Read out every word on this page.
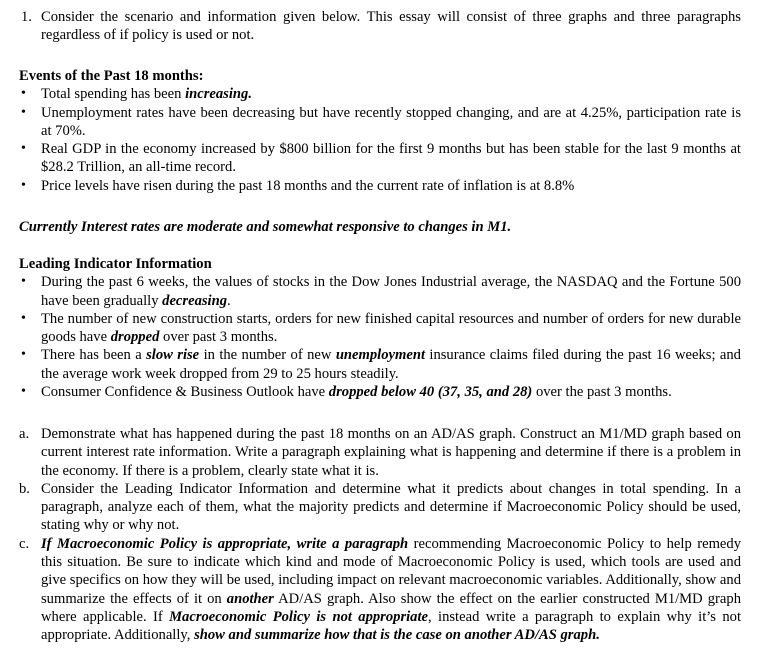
1. Consider the scenario and information given below. This essay will consist of three graphs and three paragraphs regardless of if policy is used or not.
Events of the Past 18 months:
• Total spending has been increasing.
• Unemployment rates have been decreasing but have recently stopped changing, and are at 4.25%, participation rate is at 70%.
• Real GDP in the economy increased by $800 billion for the first 9 months but has been stable for the last 9 months at $28.2 Trillion, an all-time record.
• Price levels have risen during the past 18 months and the current rate of inflation is at 8.8%
Currently Interest rates are moderate and somewhat responsive to changes in M1.
Leading Indicator Information
• During the past 6 weeks, the values of stocks in the Dow Jones Industrial average, the NASDAQ and the Fortune 500 have been gradually decreasing.
• The number of new construction starts, orders for new finished capital resources and number of orders for new durable goods have dropped over past 3 months.
• There has been a slow rise in the number of new unemployment insurance claims filed during the past 16 weeks; and the average work week dropped from 29 to 25 hours steadily.
• Consumer Confidence & Business Outlook have dropped below 40 (37, 35, and 28) over the past 3 months.
a. Demonstrate what has happened during the past 18 months on an AD/AS graph. Construct an M1/MD graph based on current interest rate information. Write a paragraph explaining what is happening and determine if there is a problem in the economy. If there is a problem, clearly state what it is.
b. Consider the Leading Indicator Information and determine what it predicts about changes in total spending. In a paragraph, analyze each of them, what the majority predicts and determine if Macroeconomic Policy should be used, stating why or why not.
c. If Macroeconomic Policy is appropriate, write a paragraph recommending Macroeconomic Policy to help remedy this situation. Be sure to indicate which kind and mode of Macroeconomic Policy is used, which tools are used and give specifics on how they will be used, including impact on relevant macroeconomic variables. Additionally, show and summarize the effects of it on another AD/AS graph. Also show the effect on the earlier constructed M1/MD graph where applicable. If Macroeconomic Policy is not appropriate, instead write a paragraph to explain why it’s not appropriate. Additionally, show and summarize how that is the case on another AD/AS graph.
